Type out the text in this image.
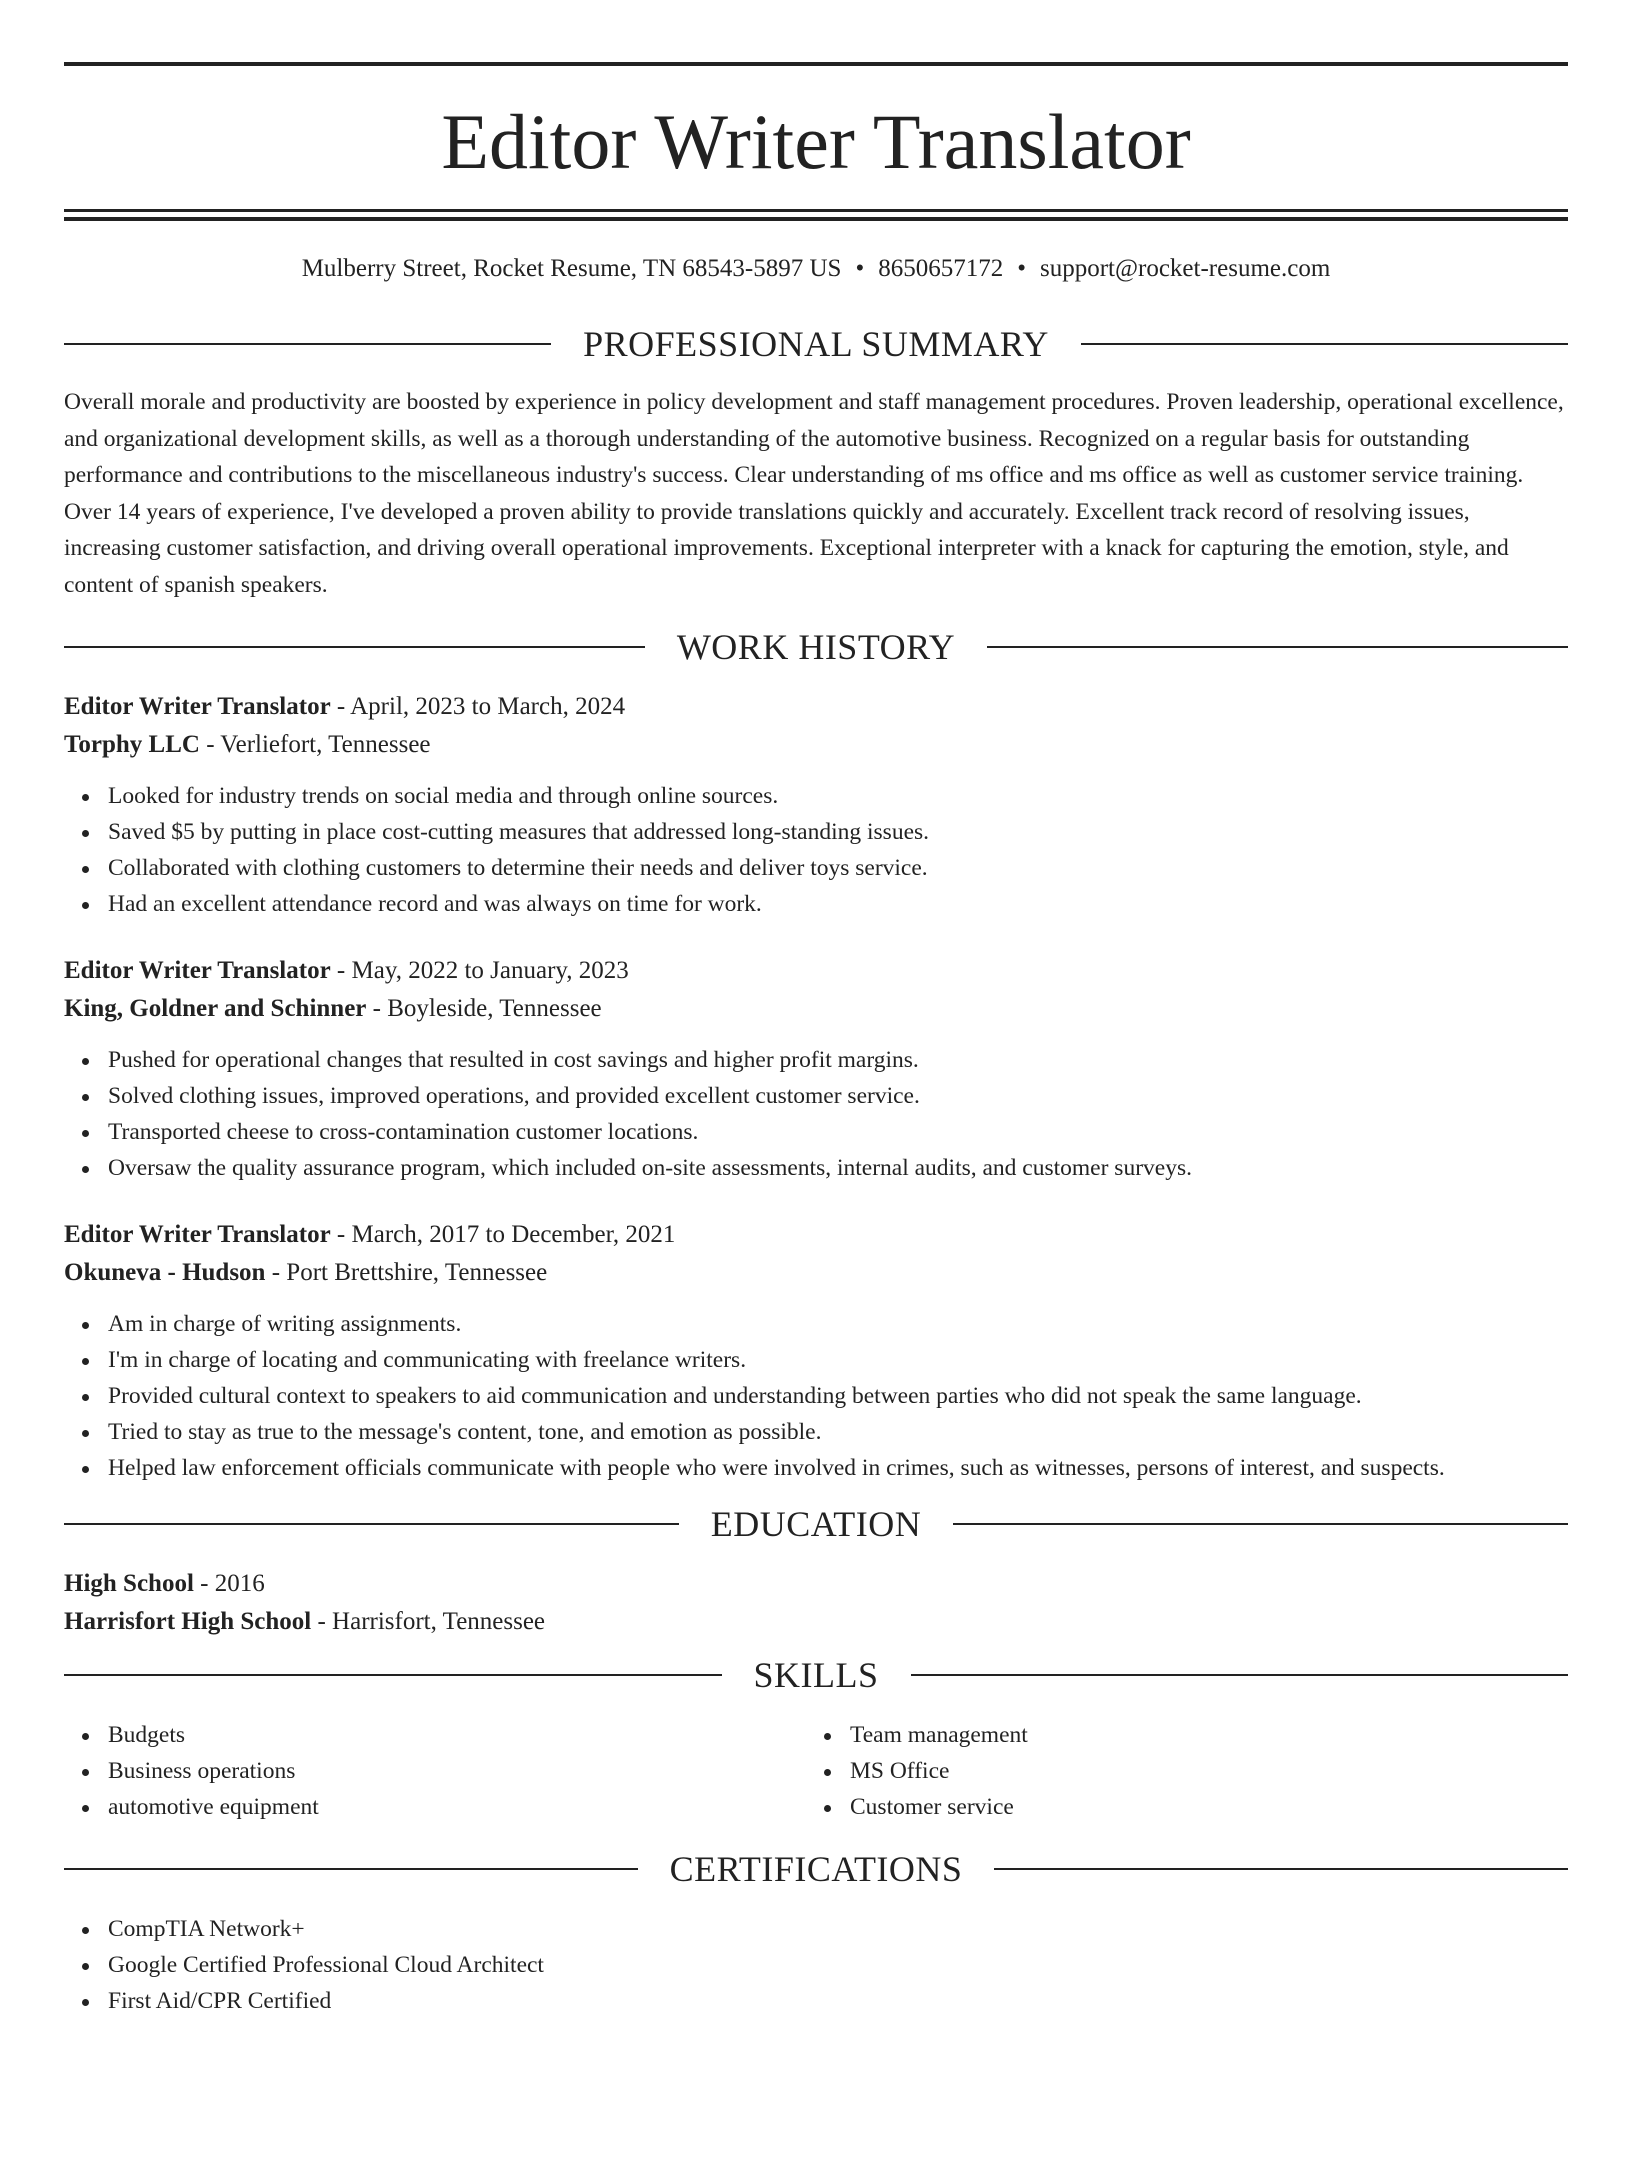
Editor Writer Translator
Mulberry Street, Rocket Resume, TN 68543-5897 US • 8650657172 • support@rocket-resume.com
PROFESSIONAL SUMMARY
Overall morale and productivity are boosted by experience in policy development and staff management procedures. Proven leadership, operational excellence, and organizational development skills, as well as a thorough understanding of the automotive business. Recognized on a regular basis for outstanding performance and contributions to the miscellaneous industry's success. Clear understanding of ms office and ms office as well as customer service training. Over 14 years of experience, I've developed a proven ability to provide translations quickly and accurately. Excellent track record of resolving issues, increasing customer satisfaction, and driving overall operational improvements. Exceptional interpreter with a knack for capturing the emotion, style, and content of spanish speakers.
WORK HISTORY
Editor Writer Translator - April, 2023 to March, 2024
Torphy LLC - Verliefort, Tennessee
Looked for industry trends on social media and through online sources.
Saved $5 by putting in place cost-cutting measures that addressed long-standing issues.
Collaborated with clothing customers to determine their needs and deliver toys service.
Had an excellent attendance record and was always on time for work.
Editor Writer Translator - May, 2022 to January, 2023
King, Goldner and Schinner - Boyleside, Tennessee
Pushed for operational changes that resulted in cost savings and higher profit margins.
Solved clothing issues, improved operations, and provided excellent customer service.
Transported cheese to cross-contamination customer locations.
Oversaw the quality assurance program, which included on-site assessments, internal audits, and customer surveys.
Editor Writer Translator - March, 2017 to December, 2021
Okuneva - Hudson - Port Brettshire, Tennessee
Am in charge of writing assignments.
I'm in charge of locating and communicating with freelance writers.
Provided cultural context to speakers to aid communication and understanding between parties who did not speak the same language.
Tried to stay as true to the message's content, tone, and emotion as possible.
Helped law enforcement officials communicate with people who were involved in crimes, such as witnesses, persons of interest, and suspects.
EDUCATION
High School - 2016
Harrisfort High School - Harrisfort, Tennessee
SKILLS
Budgets
Business operations
automotive equipment
Team management
MS Office
Customer service
CERTIFICATIONS
CompTIA Network+
Google Certified Professional Cloud Architect
First Aid/CPR Certified
